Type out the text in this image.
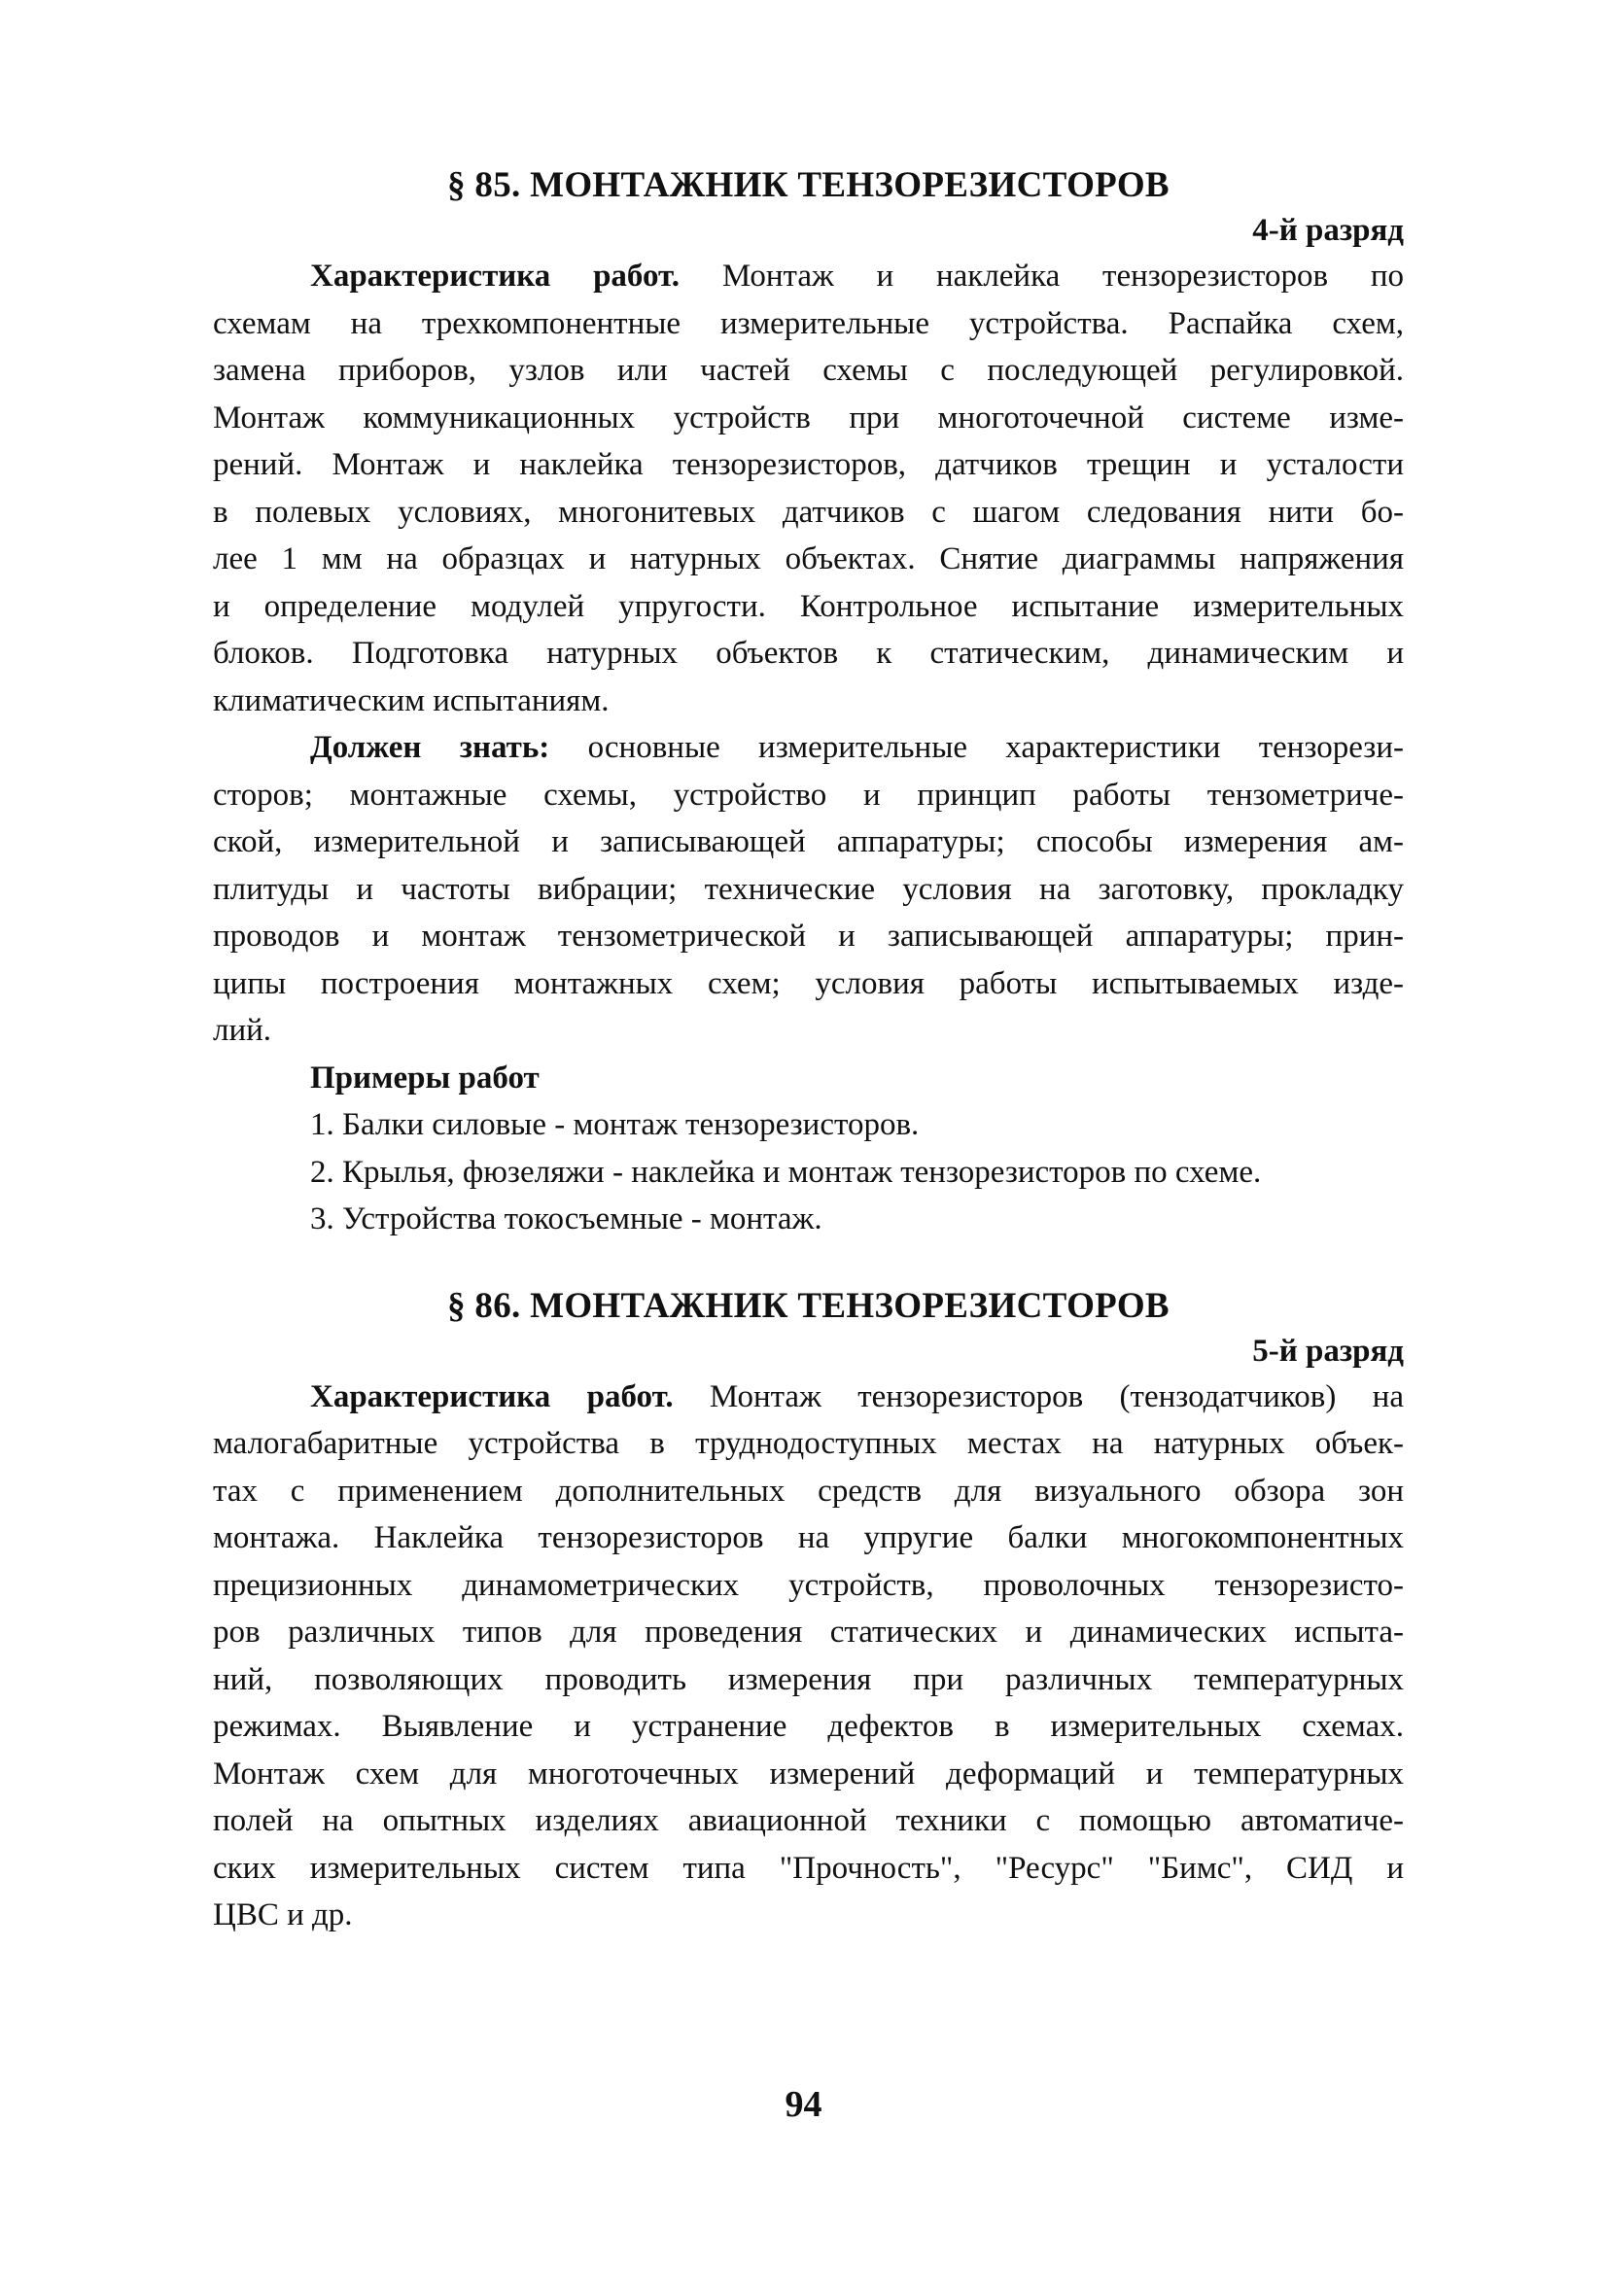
§ 85. МОНТАЖНИК ТЕНЗОРЕЗИСТОРОВ

4-й разряд

Характеристика работ. Монтаж и наклейка тензорезисторов по
схемам на трехкомпонентные измерительные устройства. Распайка схем,
замена приборов, узлов или частей схемы с последующей регулировкой.
Монтаж коммуникационных устройств при многоточечной системе изме-
рений. Монтаж и наклейка тензорезисторов, датчиков трещин и усталости
в полевых условиях, многонитевых датчиков с шагом следования нити бо-
лее 1 мм на образцах и натурных объектах. Снятие диаграммы напряжения
и определение модулей упругости. Контрольное испытание измерительных
блоков. Подготовка натурных объектов к статическим, динамическим и
климатическим испытаниям.
Должен знать: основные измерительные характеристики тензорези-
сторов; монтажные схемы, устройство и принцип работы тензометриче-
ской, измерительной и записывающей аппаратуры; способы измерения ам-
плитуды и частоты вибрации; технические условия на заготовку, прокладку
проводов и монтаж тензометрической и записывающей аппаратуры; прин-
ципы построения монтажных схем; условия работы испытываемых изде-
лий.

Примеры работ

1. Балки силовые - монтаж тензорезисторов.

2. Крылья, фюзеляжи - наклейка и монтаж тензорезисторов по схеме.

3. Устройства токосъемные - монтаж.

§ 86. МОНТАЖНИК ТЕНЗОРЕЗИСТОРОВ

5-й разряд

Характеристика работ. Монтаж тензорезисторов (тензодатчиков) на
малогабаритные устройства в труднодоступных местах на натурных объек-
тах с применением дополнительных средств для визуального обзора зон
монтажа. Наклейка тензорезисторов на упругие балки многокомпонентных
прецизионных динамометрических устройств, проволочных тензорезисто-
ров различных типов для проведения статических и динамических испыта-
ний, позволяющих проводить измерения при различных температурных
режимах. Выявление и устранение дефектов в измерительных схемах.
Монтаж схем для многоточечных измерений деформаций и температурных
полей на опытных изделиях авиационной техники с помощью автоматиче-
ских измерительных систем типа "Прочность", "Ресурс" "Бимс", СИД и
ЦВС и др.
94
